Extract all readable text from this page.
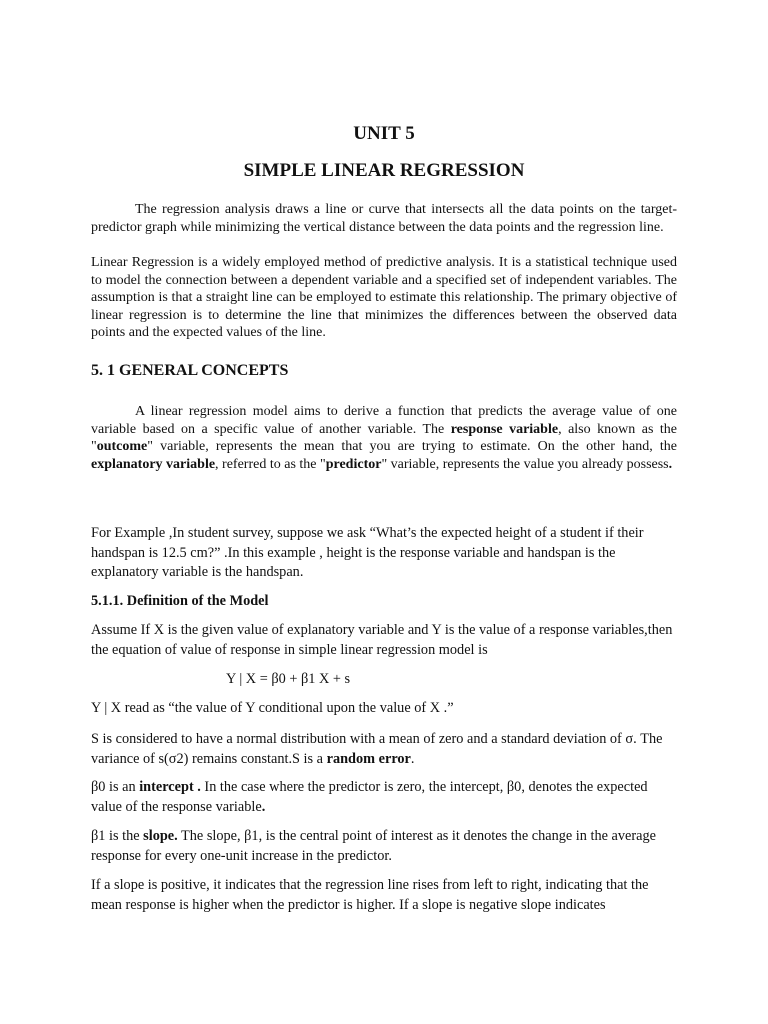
UNIT 5
SIMPLE LINEAR REGRESSION

The regression analysis draws a line or curve that intersects all the data points on the target-predictor graph while minimizing the vertical distance between the data points and the regression line.

Linear Regression is a widely employed method of predictive analysis. It is a statistical technique used to model the connection between a dependent variable and a specified set of independent variables. The assumption is that a straight line can be employed to estimate this relationship. The primary objective of linear regression is to determine the line that minimizes the differences between the observed data points and the expected values of the line.

5. 1 GENERAL CONCEPTS

A linear regression model aims to derive a function that predicts the average value of one variable based on a specific value of another variable. The response variable, also known as the "outcome" variable, represents the mean that you are trying to estimate. On the other hand, the explanatory variable, referred to as the "predictor" variable, represents the value you already possess.

For Example ,In student survey, suppose we ask “What’s the expected height of a student if their handspan is 12.5 cm?” .In this example , height is the response variable and handspan is the explanatory variable is the handspan.

5.1.1. Definition of the Model

Assume If X is the given value of explanatory variable and Y is the value of a response variables,then the equation of value of response in simple linear regression model is

Y | X = β0 + β1 X + s

Y | X read as “the value of Y conditional upon the value of X .”

S is considered to have a normal distribution with a mean of zero and a standard deviation of σ. The variance of s(σ2) remains constant.S is a random error.

β0 is an intercept . In the case where the predictor is zero, the intercept, β0, denotes the expected value of the response variable.

β1 is the slope. The slope, β1, is the central point of interest as it denotes the change in the average response for every one-unit increase in the predictor.

If a slope is positive, it indicates that the regression line rises from left to right, indicating that the mean response is higher when the predictor is higher. If a slope is negative slope indicates
